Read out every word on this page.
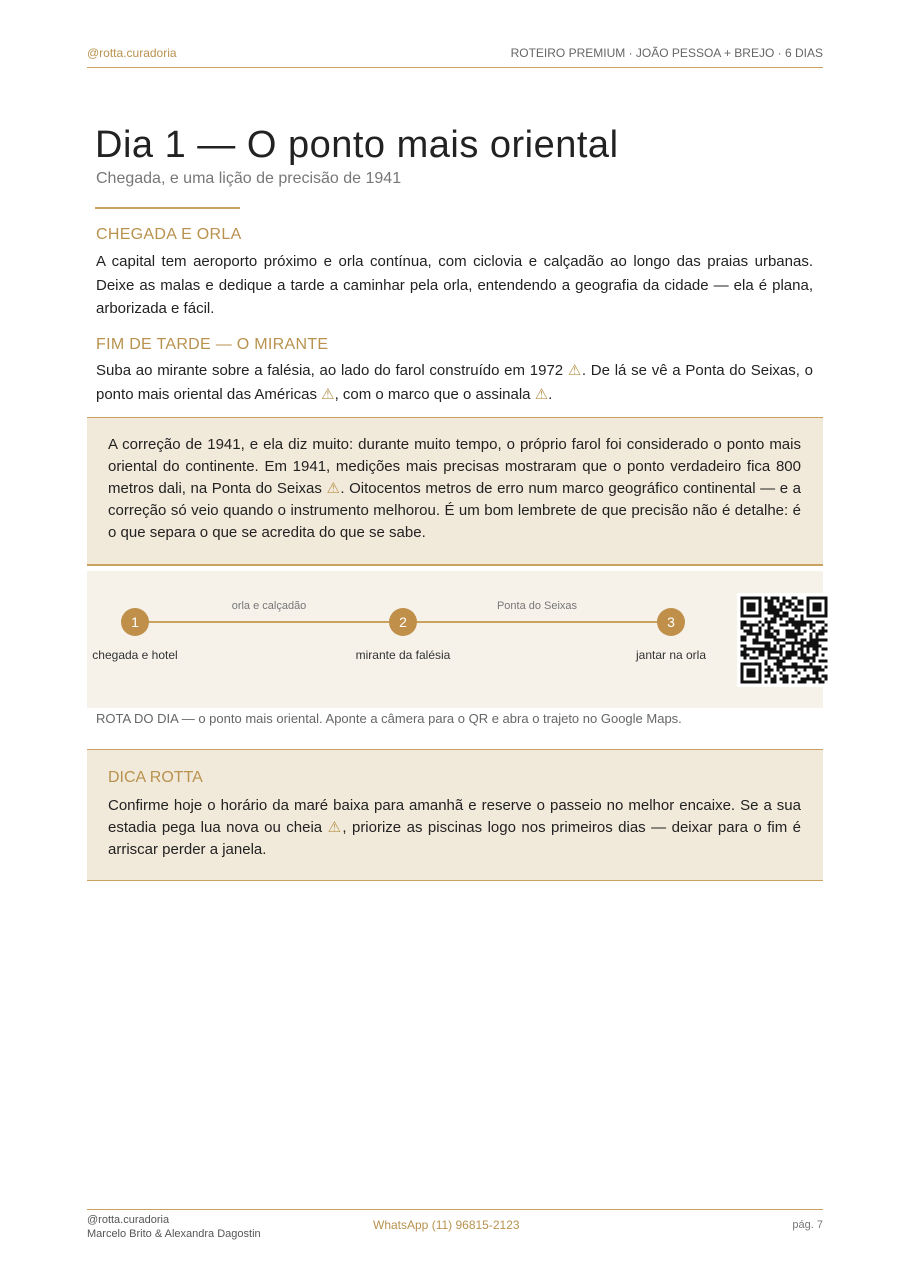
@rotta.curadoria	ROTEIRO PREMIUM · JOÃO PESSOA + BREJO · 6 DIAS
Dia 1 — O ponto mais oriental
Chegada, e uma lição de precisão de 1941
CHEGADA E ORLA

A capital tem aeroporto próximo e orla contínua, com ciclovia e calçadão ao longo das praias urbanas. Deixe as malas e dedique a tarde a caminhar pela orla, entendendo a geografia da cidade — ela é plana, arborizada e fácil.

FIM DE TARDE — O MIRANTE

Suba ao mirante sobre a falésia, ao lado do farol construído em 1972 ⚠. De lá se vê a Ponta do Seixas, o ponto mais oriental das Américas ⚠, com o marco que o assinala ⚠.

A correção de 1941, e ela diz muito: durante muito tempo, o próprio farol foi considerado o ponto mais oriental do continente. Em 1941, medições mais precisas mostraram que o ponto verdadeiro fica 800 metros dali, na Ponta do Seixas ⚠. Oitocentos metros de erro num marco geográfico continental — e a correção só veio quando o instrumento melhorou. É um bom lembrete de que precisão não é detalhe: é o que separa o que se acredita do que se sabe.

orla e calçadão	Ponta do Seixas
1	2	3
chegada e hotel	mirante da falésia	jantar na orla
ROTA DO DIA — o ponto mais oriental. Aponte a câmera para o QR e abra o trajeto no Google Maps.
DICA ROTTA

Confirme hoje o horário da maré baixa para amanhã e reserve o passeio no melhor encaixe. Se a sua estadia pega lua nova ou cheia ⚠, priorize as piscinas logo nos primeiros dias — deixar para o fim é arriscar perder a janela.

@rotta.curadoria
Marcelo Brito & Alexandra Dagostin
WhatsApp (11) 96815-2123	pág. 7
